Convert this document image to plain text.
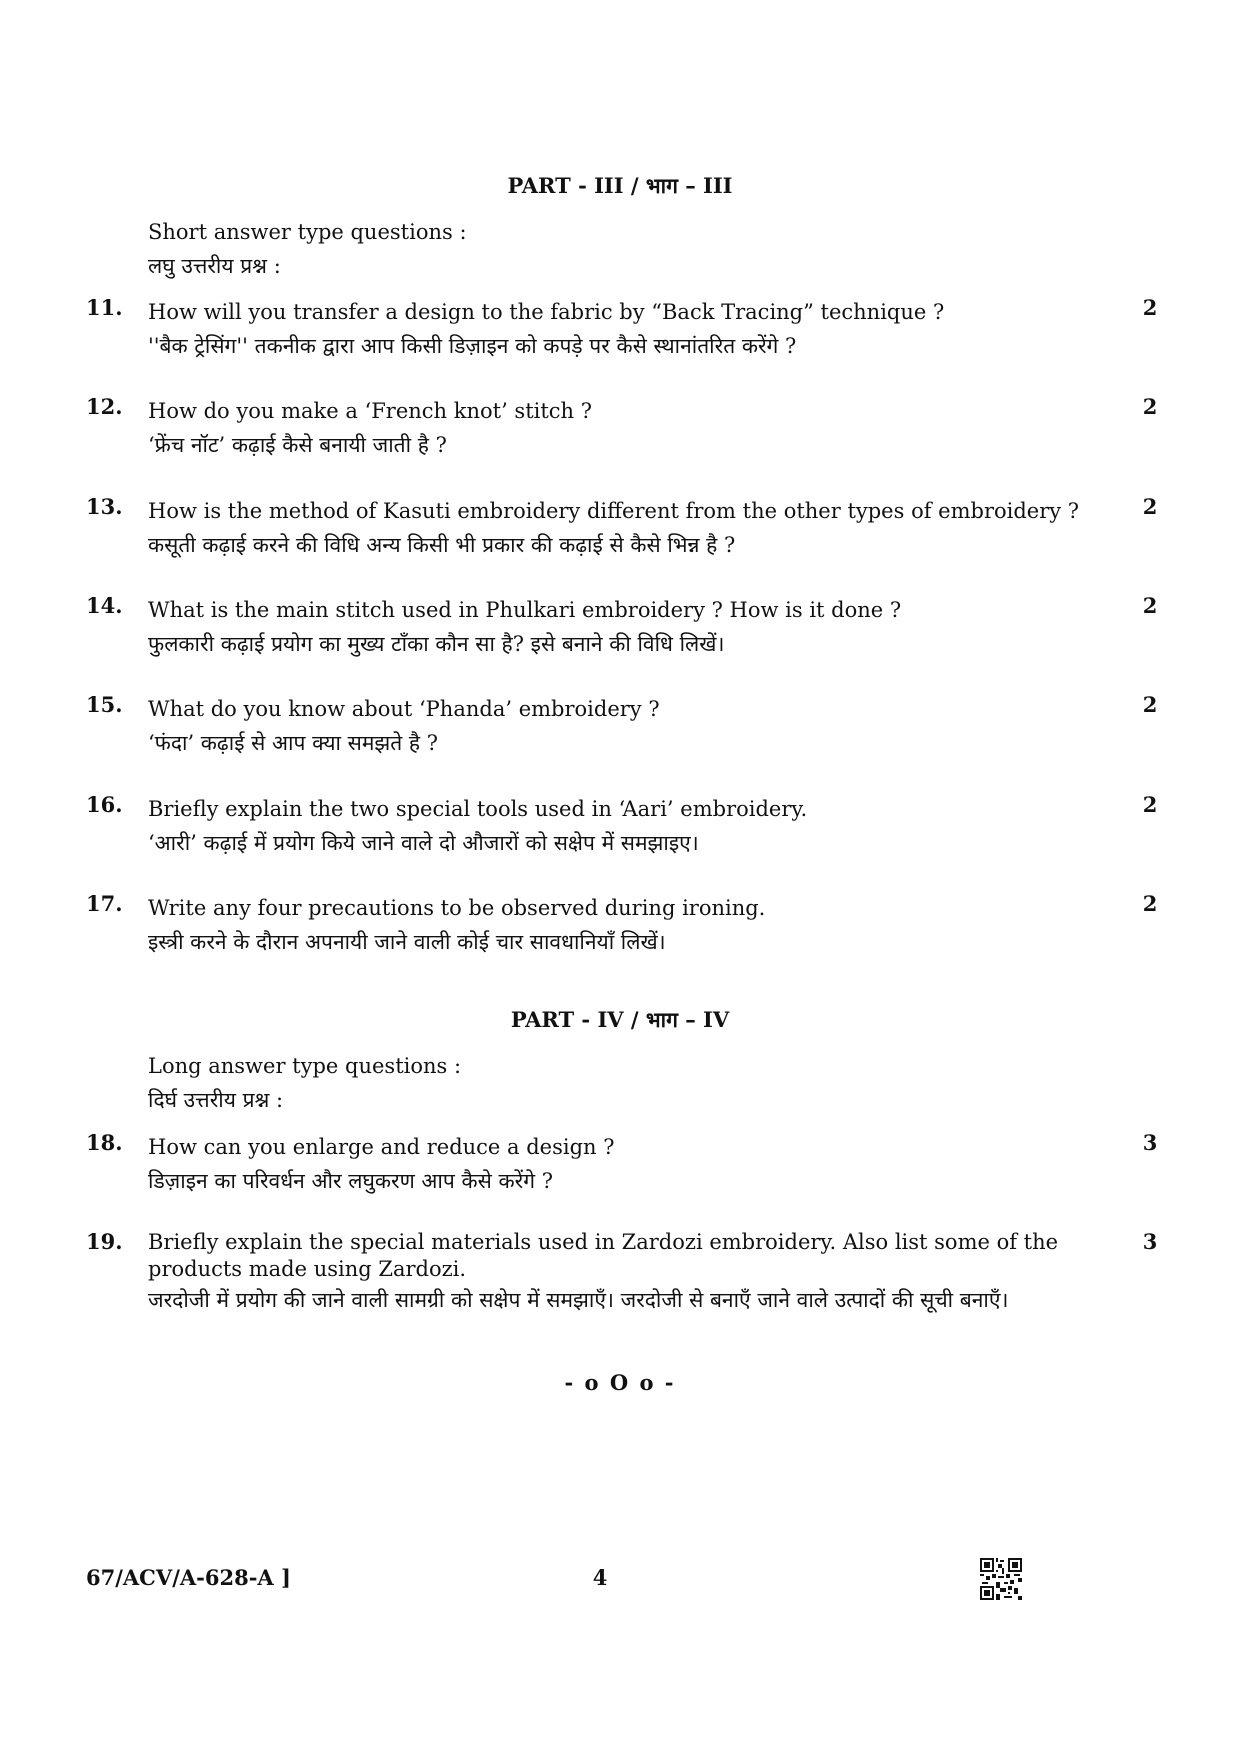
PART - III / भाग – III
Short answer type questions :
लघु उत्तरीय प्रश्न :
11.	How will you transfer a design to the fabric by “Back Tracing” technique ?
''बैक ट्रेसिंग'' तकनीक द्वारा आप किसी डिज़ाइन को कपड़े पर कैसे स्थानांतरित करेंगे ?
2
12.	How do you make a ‘French knot’ stitch ?
‘फ्रेंच नॉट’ कढ़ाई कैसे बनायी जाती है ?
2
13.	How is the method of Kasuti embroidery different from the other types of embroidery ?
कसूती कढ़ाई करने की विधि अन्य किसी भी प्रकार की कढ़ाई से कैसे भिन्न है ?
2
14.	What is the main stitch used in Phulkari embroidery ? How is it done ?
फुलकारी कढ़ाई प्रयोग का मुख्य टाँका कौन सा है? इसे बनाने की विधि लिखें।
2
15.	What do you know about ‘Phanda’ embroidery ?
‘फंदा’ कढ़ाई से आप क्या समझते है ?
2
16.	Briefly explain the two special tools used in ‘Aari’ embroidery.
‘आरी’ कढ़ाई में प्रयोग किये जाने वाले दो औजारों को सक्षेप में समझाइए।
2
17.	Write any four precautions to be observed during ironing.
इस्त्री करने के दौरान अपनायी जाने वाली कोई चार सावधानियाँ लिखें।
2
PART - IV / भाग – IV
Long answer type questions :
दिर्घ उत्तरीय प्रश्न :
18.	How can you enlarge and reduce a design ?
डिज़ाइन का परिवर्धन और लघुकरण आप कैसे करेंगे ?
3
19.	Briefly explain the special materials used in Zardozi embroidery. Also list some of the products made using Zardozi.
जरदोजी में प्रयोग की जाने वाली सामग्री को सक्षेप में समझाएँ। जरदोजी से बनाएँ जाने वाले उत्पादों की सूची बनाएँ।
3
- o O o -
67/ACV/A-628-A ]	4
